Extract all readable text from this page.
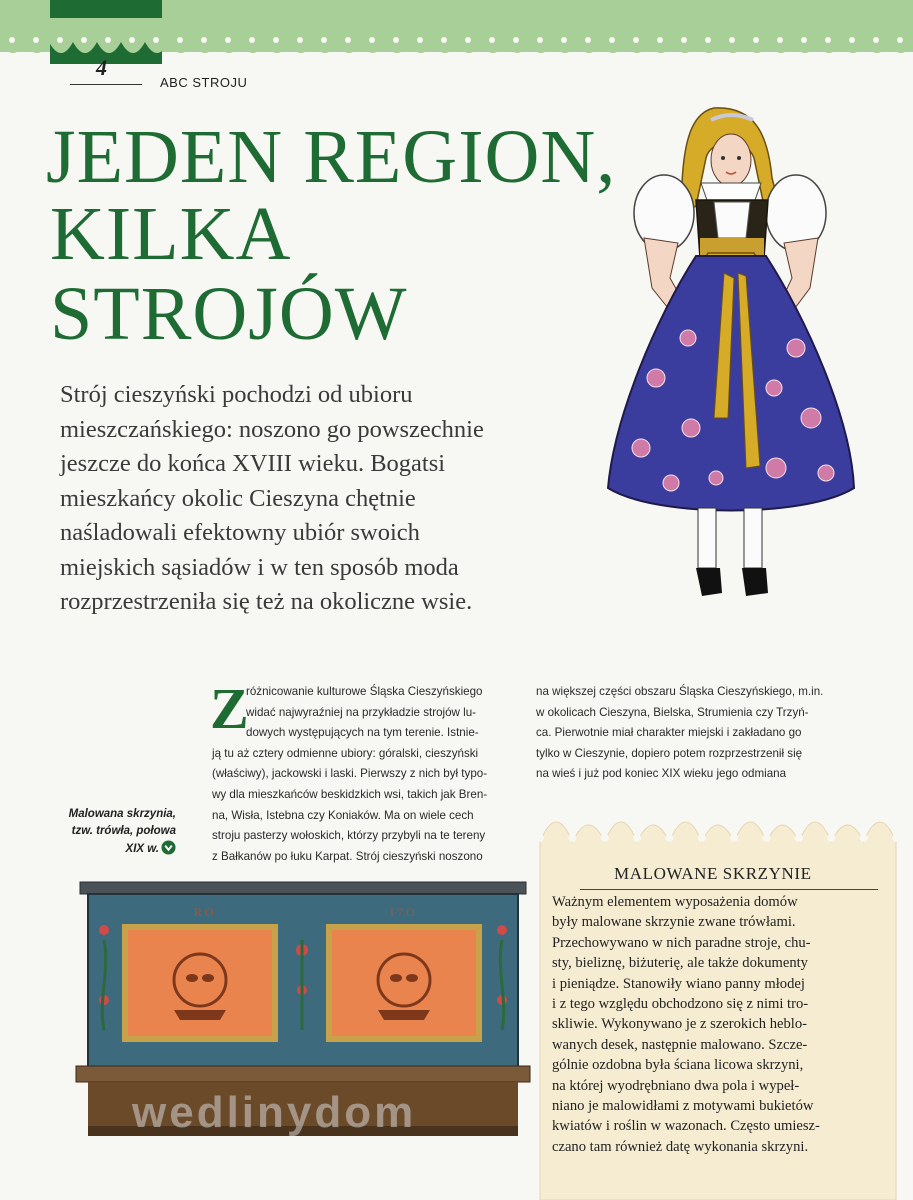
4
ABC STROJU
JEDEN REGION,
KILKA
STROJÓW

Strój cieszyński pochodzi od ubioru

mieszczańskiego: noszono go powszechnie

jeszcze do końca XVIII wieku. Bogatsi

mieszkańcy okolic Cieszyna chętnie

naśladowali efektowny ubiór swoich

miejskich sąsiadów i w ten sposób moda

rozprzestrzeniła się też na okoliczne wsie.

Z

różnicowanie kulturowe Śląska Cieszyńskiego

widać najwyraźniej na przykładzie strojów lu-

dowych występujących na tym terenie. Istnie-

ją tu aż cztery odmienne ubiory: góralski, cieszyński

(właściwy), jackowski i laski. Pierwszy z nich był typo-

wy dla mieszkańców beskidzkich wsi, takich jak Bren-

na, Wisła, Istebna czy Koniaków. Ma on wiele cech

stroju pasterzy wołoskich, którzy przybyli na te tereny

z Bałkanów po łuku Karpat. Strój cieszyński noszono

na większej części obszaru Śląska Cieszyńskiego, m.in.

w okolicach Cieszyna, Bielska, Strumienia czy Trzyń-

ca. Pierwotnie miał charakter miejski i zakładano go

tylko w Cieszynie, dopiero potem rozprzestrzenił się

na wieś i już pod koniec XIX wieku jego odmiana

Malowana skrzynia,

tzw. trówła, połowa

XIX w.

R O	I 7 O
MALOWANE SKRZYNIE

Ważnym elementem wyposażenia domów

były malowane skrzynie zwane trówłami.

Przechowywano w nich paradne stroje, chu-

sty, bieliznę, biżuterię, ale także dokumenty

i pieniądze. Stanowiły wiano panny młodej

i z tego względu obchodzono się z nimi tro-

skliwie. Wykonywano je z szerokich heblo-

wanych desek, następnie malowano. Szcze-

gólnie ozdobna była ściana licowa skrzyni,

na której wyodrębniano dwa pola i wypeł-

niano je malowidłami z motywami bukietów

kwiatów i roślin w wazonach. Często umiesz-

czano tam również datę wykonania skrzyni.

wedlinydom
